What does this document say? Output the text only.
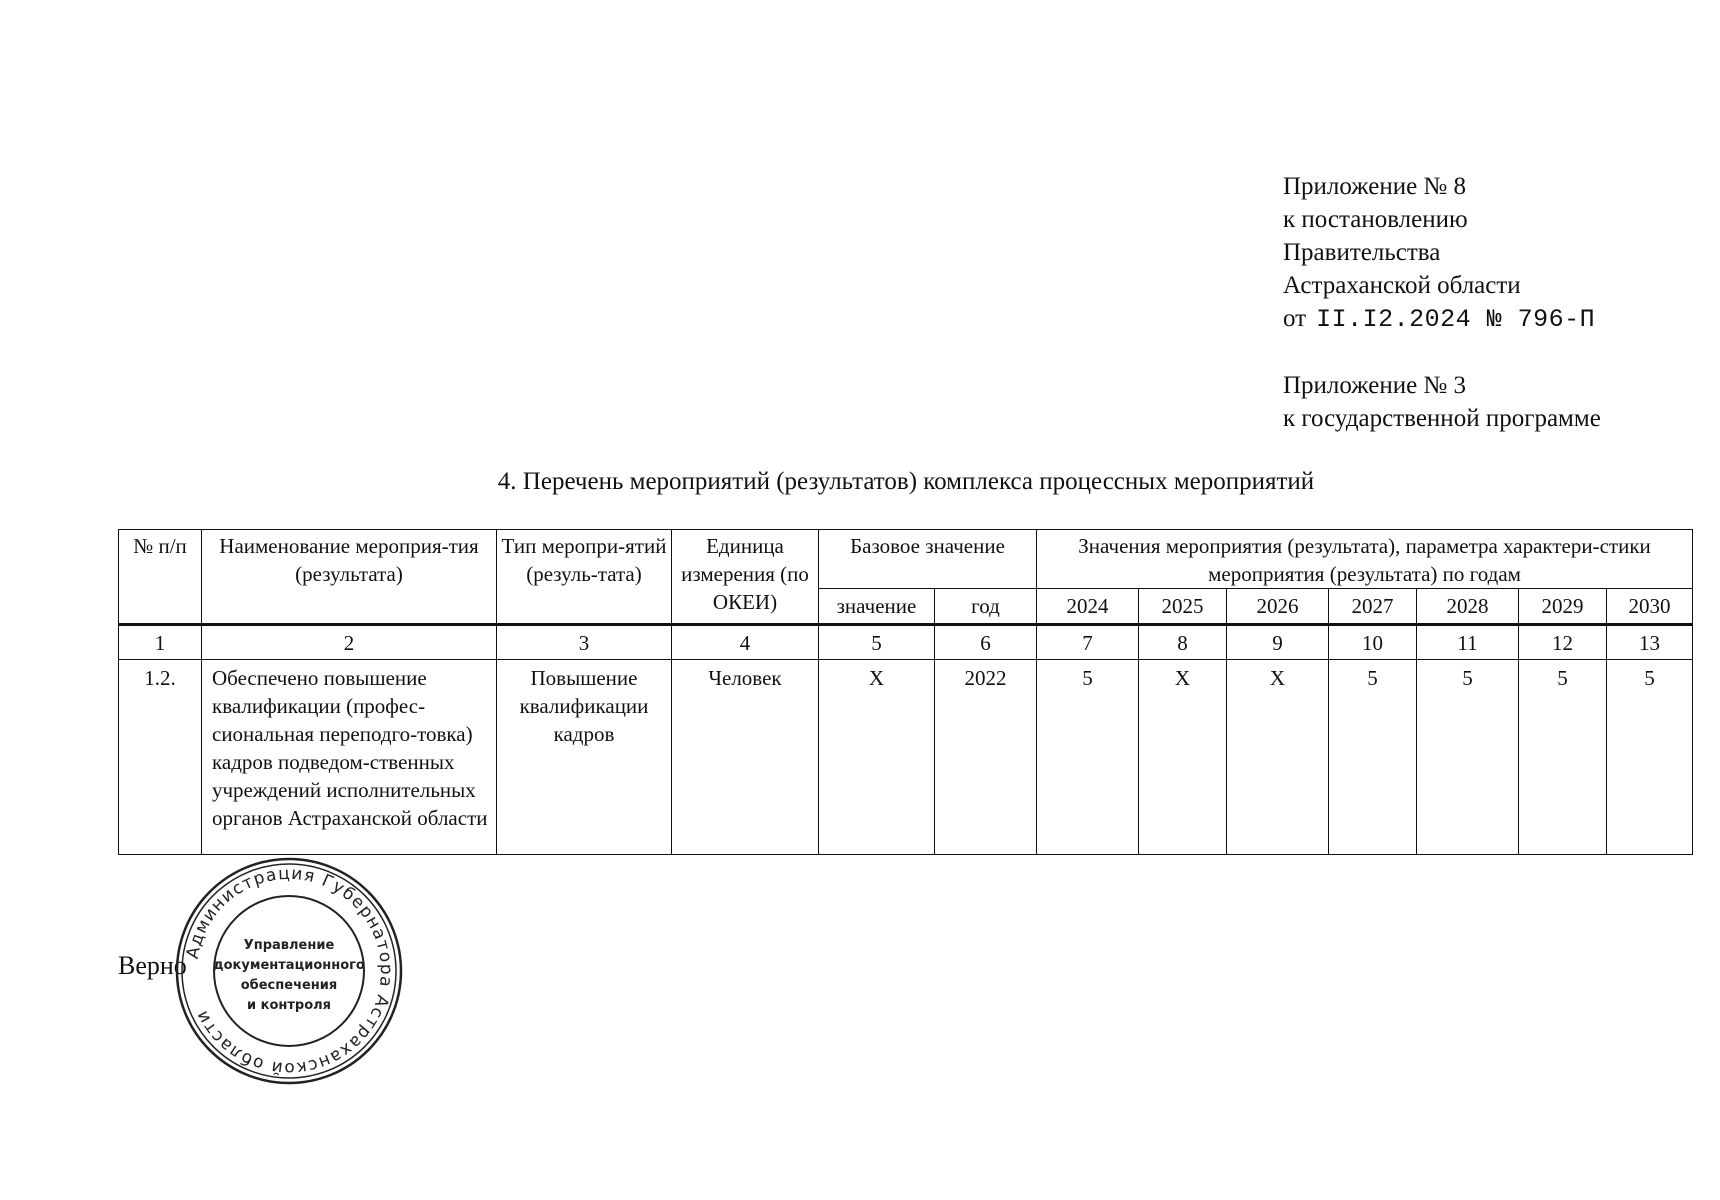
Приложение № 8

к постановлению

Правительства

Астраханской области

от II.I2.2024 № 796-П

Приложение № 3

к государственной программе

4. Перечень мероприятий (результатов) комплекса процессных мероприятий
№ п/п	Наименование мероприя-тия (результата)	Тип меропри-ятий (резуль-тата)	Единица измерения (по ОКЕИ)	Базовое значение		Значения мероприятия (результата), параметра характери-стики мероприятия (результата) по годам						
				значение	год	2024	2025	2026	2027	2028	2029	2030
1	2	3	4	5	6	7	8	9	10	11	12	13
1.2.	Обеспечено повышение квалификации (профес-сиональная переподго-товка) кадров подведом-ственных учреждений исполнительных органов Астраханской области	Повышение квалификации кадров	Человек	Х	2022	5	Х	Х	5	5	5	5
Верно
Администрация Губернатора Астраханской области
Управление
документационного
обеспечения
и контроля
